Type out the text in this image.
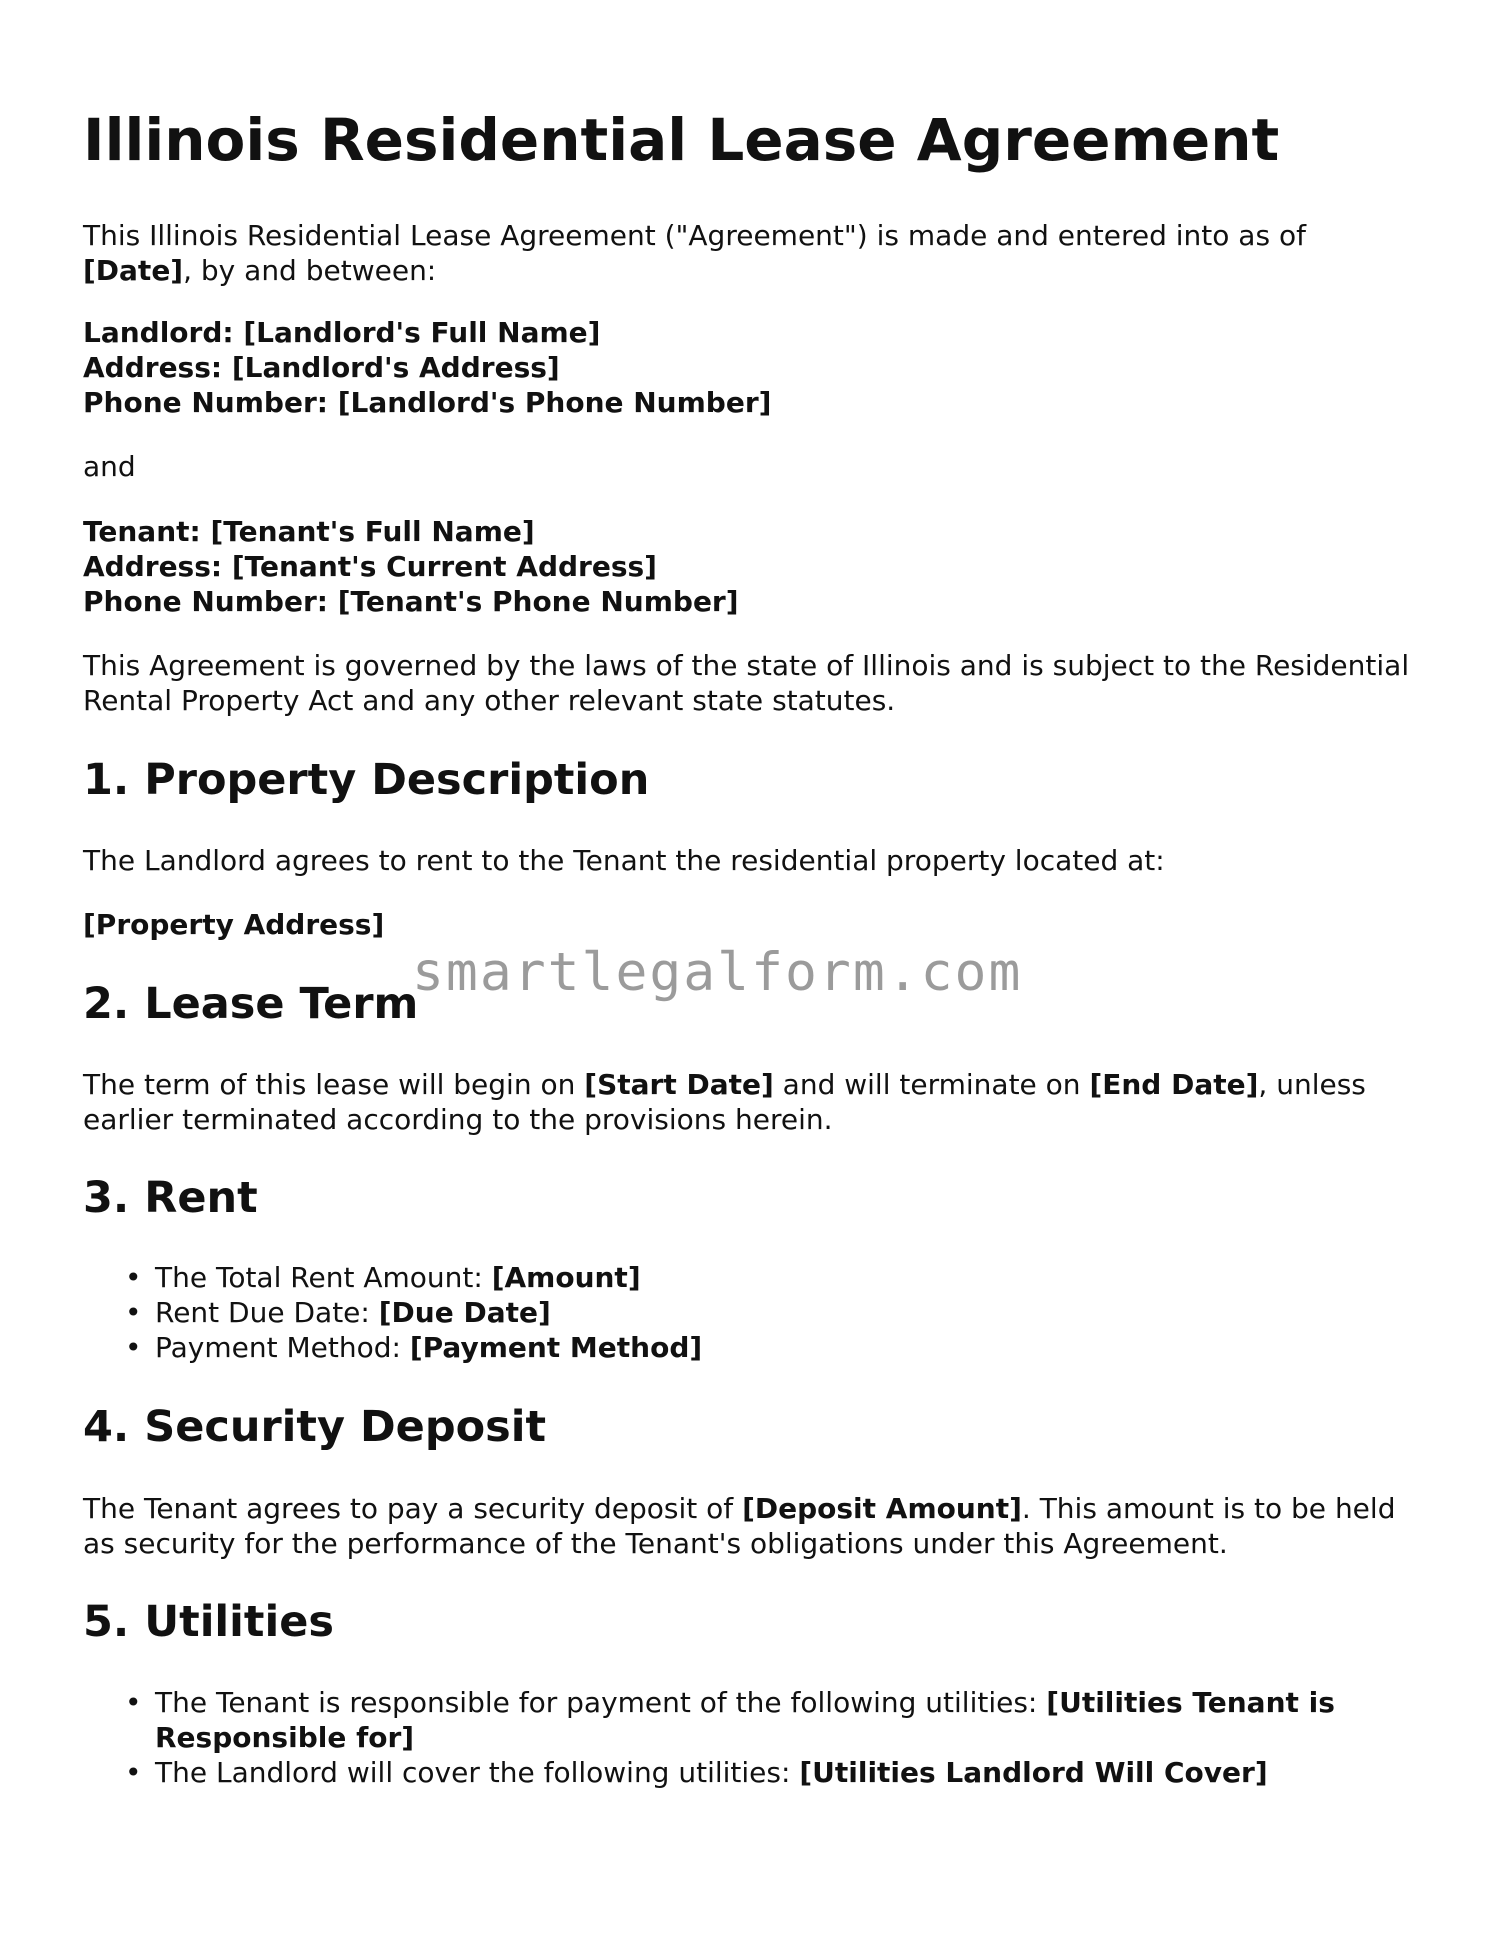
Illinois Residential Lease Agreement

This Illinois Residential Lease Agreement ("Agreement") is made and entered into as of [Date], by and between:

Landlord: [Landlord's Full Name]
Address: [Landlord's Address]
Phone Number: [Landlord's Phone Number]

and

Tenant: [Tenant's Full Name]
Address: [Tenant's Current Address]
Phone Number: [Tenant's Phone Number]

This Agreement is governed by the laws of the state of Illinois and is subject to the Residential Rental Property Act and any other relevant state statutes.

1. Property Description

The Landlord agrees to rent to the Tenant the residential property located at:

[Property Address]

2. Lease Term

The term of this lease will begin on [Start Date] and will terminate on [End Date], unless earlier terminated according to the provisions herein.

3. Rent
• The Total Rent Amount: [Amount]
• Rent Due Date: [Due Date]
• Payment Method: [Payment Method]
4. Security Deposit

The Tenant agrees to pay a security deposit of [Deposit Amount]. This amount is to be held as security for the performance of the Tenant's obligations under this Agreement.

5. Utilities
• The Tenant is responsible for payment of the following utilities: [Utilities Tenant is Responsible for]
• The Landlord will cover the following utilities: [Utilities Landlord Will Cover]
smartlegalform.com
